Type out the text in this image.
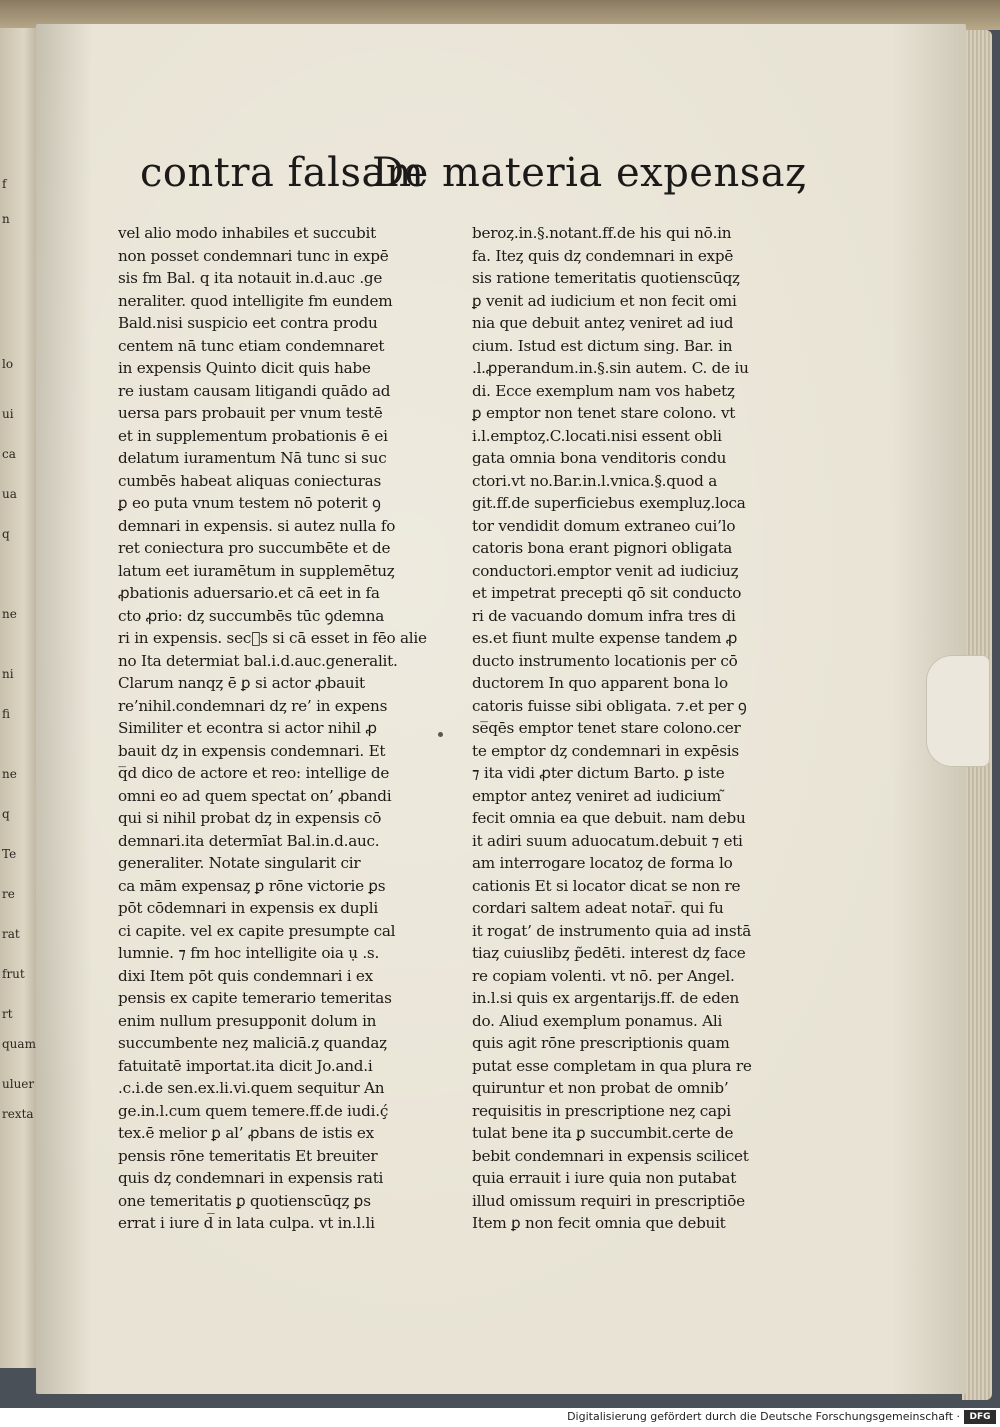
f
n
lo
ui
ca
ua
q
ne
ni
fi
ne
q
Te
re
rat
frut
rt
quam
uluer
rexta
contra falsam
De materia expensaȥ
vel alio modo inhabiles et succubit
non posset condemnari tunc in expē
sis fm Bal. q ita notauit in.d.auc .ge
neraliter. quod intelligite fm eundem
Bald.nisi suspicio eet contra produ
centem nā tunc etiam condemnaret
in expensis Quinto dicit quis habe
re iustam causam litigandi quādo ad
uersa pars probauit per vnum testē
et in supplementum probationis ē ei
delatum iuramentum Nā tunc si suc
cumbēs habeat aliquas coniecturas
ꝑ eo puta vnum testem nō poterit ꝯ
demnari in expensis. si autez nulla fo
ret coniectura pro succumbēte et de
latum eet iuramētum in supplemētuȥ
ꝓbationis aduersario.et cā eet in fa
cto ꝓrio: dȥ succumbēs tūc ꝯdemna
ri in expensis. sec᷒s si cā esset in fēo alie
no Ita determiat bal.i.d.auc.generalit.
Clarum nanqȥ ē ꝑ si actor ꝓbauit
re’nihil.condemnari dȥ re’ in expens
Similiter et econtra si actor nihil ꝓ
bauit dȥ in expensis condemnari. Et
q̅d dico de actore et reo: intellige de
omni eo ad quem spectat on’ ꝓbandi
qui si nihil probat dȥ in expensis cō
demnari.ita determīat Bal.in.d.auc.
generaliter. Notate singularit cir
ca mām expensaȥ ꝑ rōne victorie ꝑs
pōt cōdemnari in expensis ex dupli
ci capite. vel ex capite presumpte cal
lumnie. ⁊ fm hoc intelligite oia ụ .s.
dixi Item pōt quis condemnari i ex
pensis ex capite temerario temeritas
enim nullum presupponit dolum in
succumbente neȥ maliciā.ȥ quandaȥ
fatuitatē importat.ita dicit Jo.and.i
.c.i.de sen.ex.li.vi.quem sequitur An
ge.in.l.cum quem temere.ff.de iudi.ḉ
tex.ē melior ꝑ al’ ꝓbans de istis ex
pensis rōne temeritatis Et breuiter
quis dȥ condemnari in expensis rati
one temeritatis ꝑ quotienscūqȥ ꝑs
errat i iure d̅ in lata culpa. vt in.l.li
beroȥ.in.§.notant.ff.de his qui nō.in
fa. Iteȥ quis dȥ condemnari in expē
sis ratione temeritatis quotienscūqȥ
ꝑ venit ad iudicium et non fecit omi
nia que debuit anteȥ veniret ad iud
cium. Istud est dictum sing. Bar. in
.l.ꝓperandum.in.§.sin autem. C. de iu
di. Ecce exemplum nam vos habetȥ
ꝑ emptor non tenet stare colono. vt
i.l.emptoȥ.C.locati.nisi essent obli
gata omnia bona venditoris condu
ctori.vt no.Bar.in.l.vnica.§.quod a
git.ff.de superficiebus exempluȥ.loca
tor vendidit domum extraneo cui’lo
catoris bona erant pignori obligata
conductori.emptor venit ad iudiciuȥ
et impetrat precepti qō sit conducto
ri de vacuando domum infra tres di
es.et fiunt multe expense tandem ꝓ
ducto instrumento locationis per cō
ductorem In quo apparent bona lo
catoris fuisse sibi obligata. ⁊.et per ꝯ
se̅qēs emptor tenet stare colono.cer
te emptor dȥ condemnari in expēsis
⁊ ita vidi ꝓter dictum Barto. ꝑ iste
emptor anteȥ veniret ad iudicium ̃
fecit omnia ea que debuit. nam debu
it adiri suum aduocatum.debuit ⁊ eti
am interrogare locatoȥ de forma lo
cationis Et si locator dicat se non re
cordari saltem adeat notar̅. qui fu
it rogat’ de instrumento quia ad instā
tiaȥ cuiuslibȥ p̃edēti. interest dȥ face
re copiam volenti. vt nō. per Angel.
in.l.si quis ex argentarijs.ff. de eden
do. Aliud exemplum ponamus. Ali
quis agit rōne prescriptionis quam
putat esse completam in qua plura re
quiruntur et non probat de omnib’
requisitis in prescriptione neȥ capi
tulat bene ita ꝑ succumbit.certe de
bebit condemnari in expensis scilicet
quia errauit i iure quia non putabat
illud omissum requiri in prescriptiōe
Item ꝑ non fecit omnia que debuit
Digitalisierung gefördert durch die Deutsche Forschungsgemeinschaft ·	DFG
